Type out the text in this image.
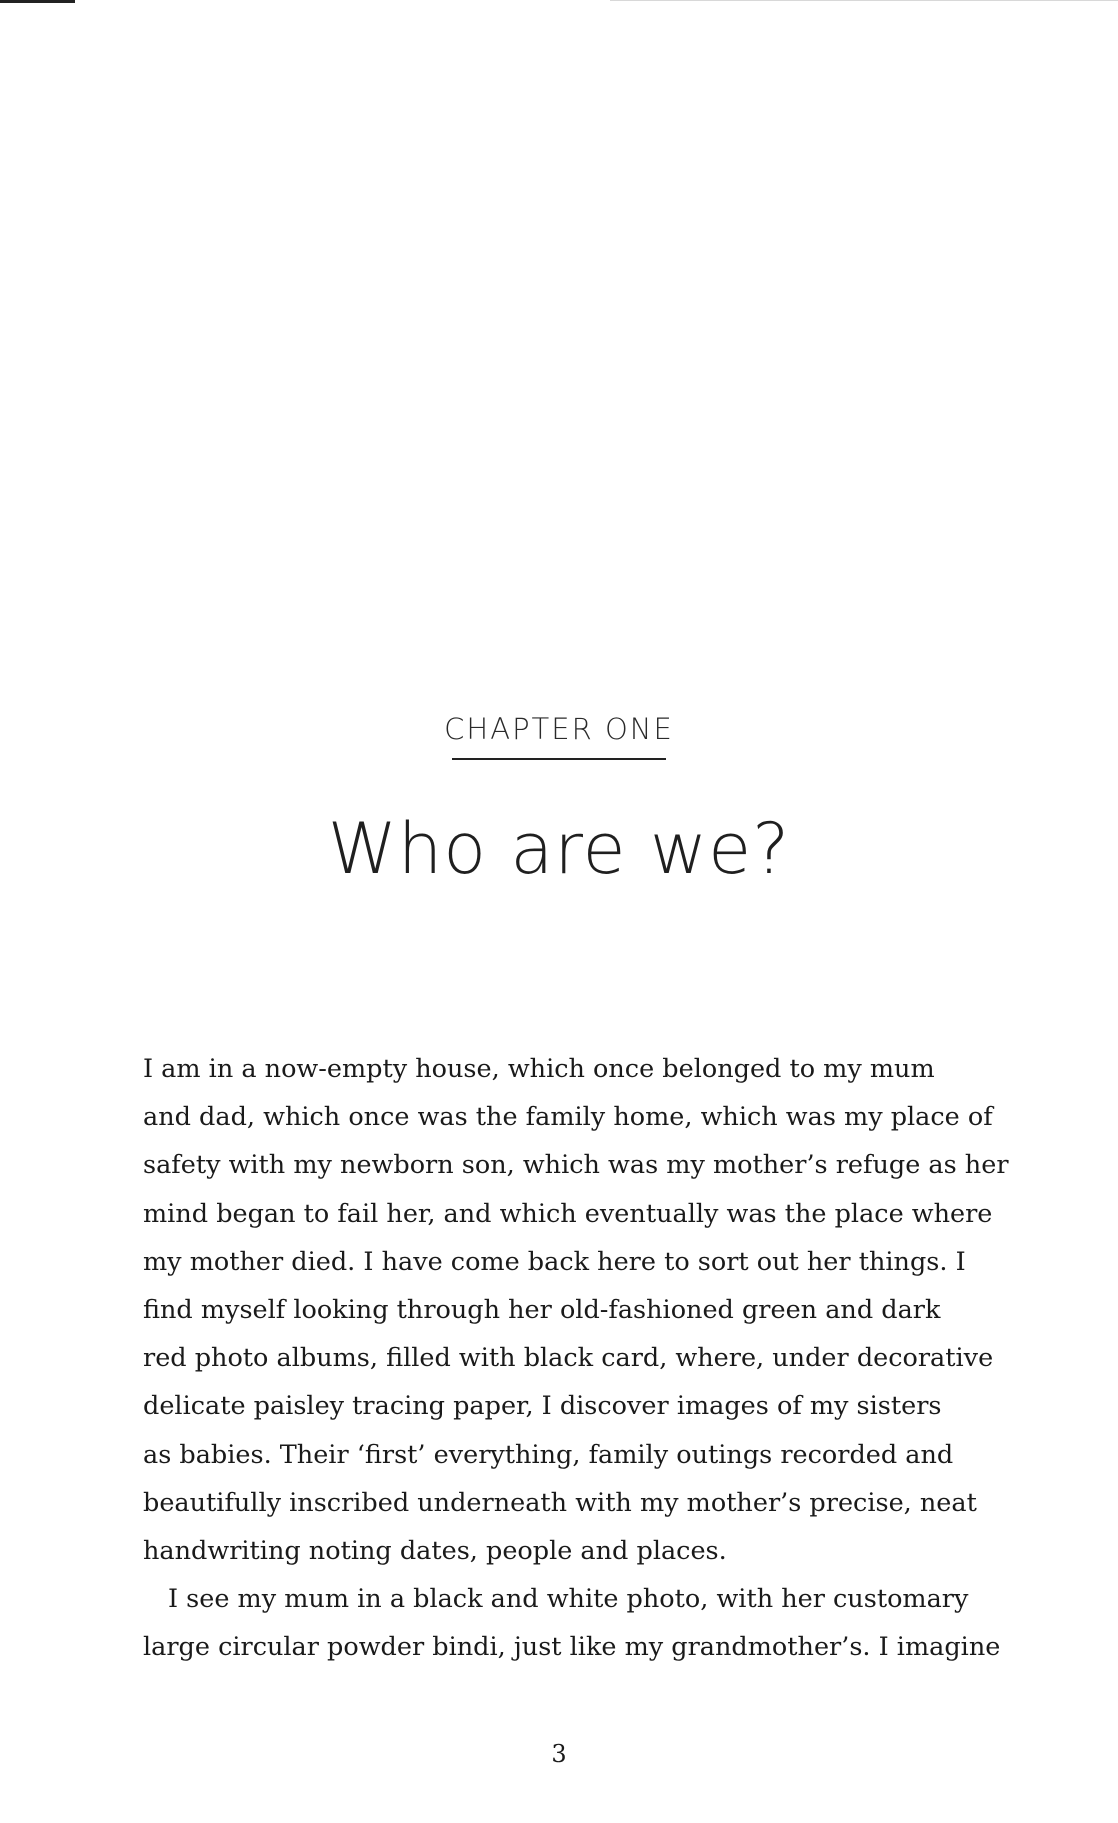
CHAPTER ONE
Who are we?
I am in a now-empty house, which once belonged to my mum
and dad, which once was the family home, which was my place of
safety with my newborn son, which was my mother’s refuge as her
mind began to fail her, and which eventually was the place where
my mother died. I have come back here to sort out her things. I
find myself looking through her old-fashioned green and dark
red photo albums, filled with black card, where, under decorative
delicate paisley tracing paper, I discover images of my sisters
as babies. Their ‘first’ everything, family outings recorded and
beautifully inscribed underneath with my mother’s precise, neat
handwriting noting dates, people and places.
I see my mum in a black and white photo, with her customary
large circular powder bindi, just like my grandmother’s. I imagine
3
